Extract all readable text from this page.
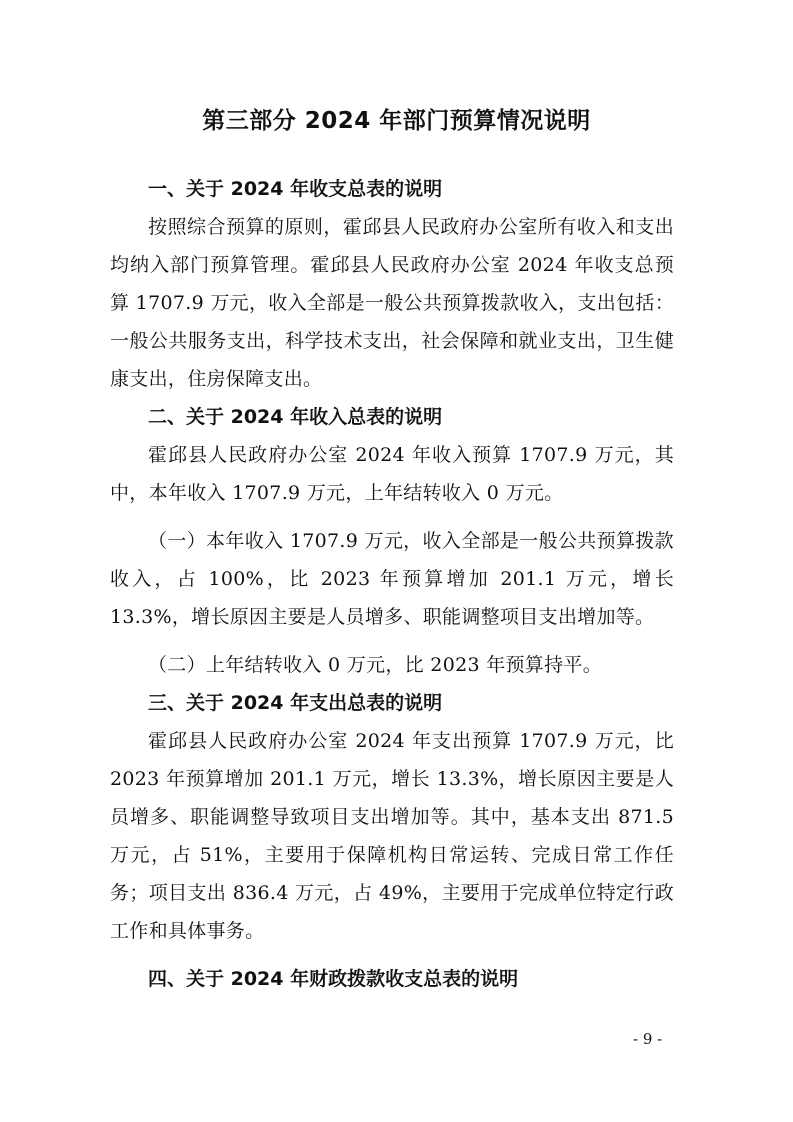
第三部分 2024 年部门预算情况说明
一、关于 2024 年收支总表的说明

按照综合预算的原则，霍邱县人民政府办公室所有收入和支出均纳入部门预算管理。霍邱县人民政府办公室 2024 年收支总预算 1707.9 万元，收入全部是一般公共预算拨款收入，支出包括：一般公共服务支出，科学技术支出，社会保障和就业支出，卫生健康支出，住房保障支出。

二、关于 2024 年收入总表的说明

霍邱县人民政府办公室 2024 年收入预算 1707.9 万元，其中，本年收入 1707.9 万元，上年结转收入 0 万元。

（一）本年收入 1707.9 万元，收入全部是一般公共预算拨款收入，占 100%，比 2023 年预算增加 201.1 万元，增长 13.3%，增长原因主要是人员增多、职能调整项目支出增加等。

（二）上年结转收入 0 万元，比 2023 年预算持平。

三、关于 2024 年支出总表的说明

霍邱县人民政府办公室 2024 年支出预算 1707.9 万元，比 2023 年预算增加 201.1 万元，增长 13.3%，增长原因主要是人员增多、职能调整导致项目支出增加等。其中，基本支出 871.5 万元，占 51%，主要用于保障机构日常运转、完成日常工作任务；项目支出 836.4 万元，占 49%，主要用于完成单位特定行政工作和具体事务。

四、关于 2024 年财政拨款收支总表的说明

- 9 -
